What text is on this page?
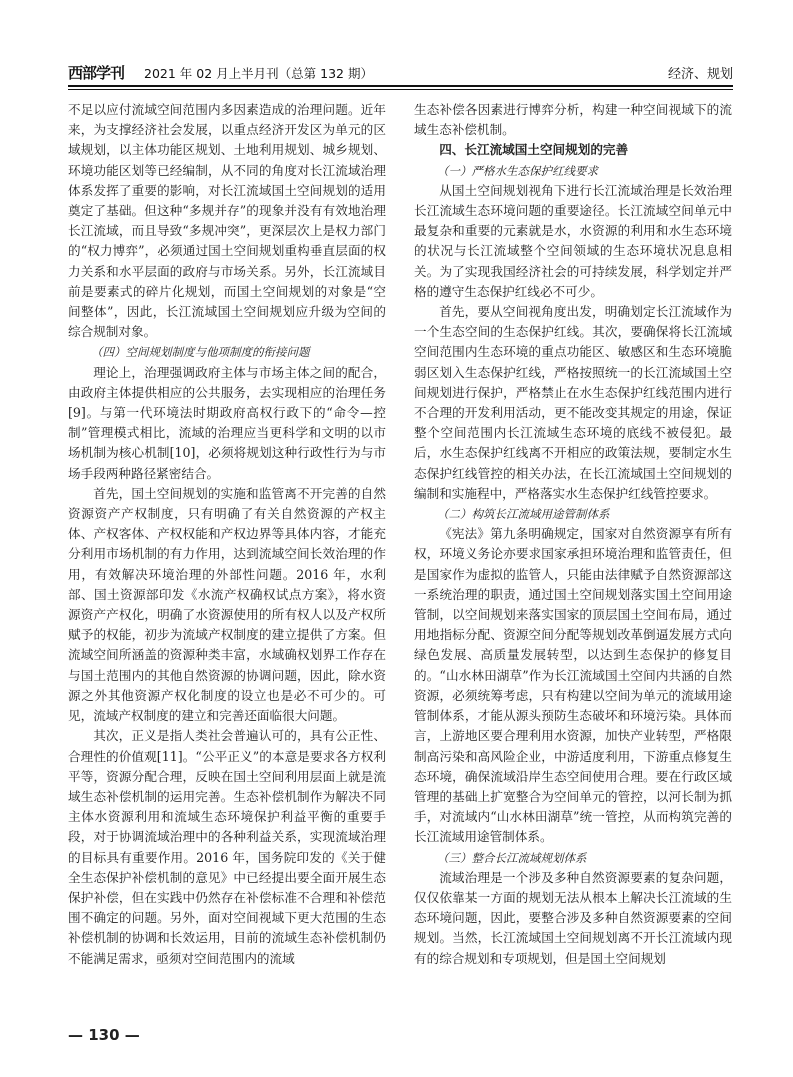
西部学刊 2021 年 02 月上半月刊（总第 132 期）	经济、规划

不足以应付流域空间范围内多因素造成的治理问题。近年来，为支撑经济社会发展，以重点经济开发区为单元的区域规划，以主体功能区规划、土地利用规划、城乡规划、环境功能区划等已经编制，从不同的角度对长江流域治理体系发挥了重要的影响，对长江流域国土空间规划的适用奠定了基础。但这种“多规并存”的现象并没有有效地治理长江流域，而且导致“多规冲突”，更深层次上是权力部门的“权力博弈”，必须通过国土空间规划重构垂直层面的权力关系和水平层面的政府与市场关系。另外，长江流域目前是要素式的碎片化规划，而国土空间规划的对象是“空间整体”，因此，长江流域国土空间规划应升级为空间的综合规制对象。

（四）空间规划制度与他项制度的衔接问题

理论上，治理强调政府主体与市场主体之间的配合，由政府主体提供相应的公共服务，去实现相应的治理任务[9]。与第一代环境法时期政府高权行政下的“命令—控制”管理模式相比，流域的治理应当更科学和文明的以市场机制为核心机制[10]，必须将规划这种行政性行为与市场手段两种路径紧密结合。

首先，国土空间规划的实施和监管离不开完善的自然资源资产产权制度，只有明确了有关自然资源的产权主体、产权客体、产权权能和产权边界等具体内容，才能充分利用市场机制的有力作用，达到流域空间长效治理的作用，有效解决环境治理的外部性问题。2016 年，水利部、国土资源部印发《水流产权确权试点方案》，将水资源资产产权化，明确了水资源使用的所有权人以及产权所赋予的权能，初步为流域产权制度的建立提供了方案。但流域空间所涵盖的资源种类丰富，水域确权划界工作存在与国土范围内的其他自然资源的协调问题，因此，除水资源之外其他资源产权化制度的设立也是必不可少的。可见，流域产权制度的建立和完善还面临很大问题。

其次，正义是指人类社会普遍认可的，具有公正性、合理性的价值观[11]。“公平正义”的本意是要求各方权利平等，资源分配合理，反映在国土空间利用层面上就是流域生态补偿机制的运用完善。生态补偿机制作为解决不同主体水资源利用和流域生态环境保护利益平衡的重要手段，对于协调流域治理中的各种利益关系，实现流域治理的目标具有重要作用。2016 年，国务院印发的《关于健全生态保护补偿机制的意见》中已经提出要全面开展生态保护补偿，但在实践中仍然存在补偿标准不合理和补偿范围不确定的问题。另外，面对空间视域下更大范围的生态补偿机制的协调和长效运用，目前的流域生态补偿机制仍不能满足需求，亟须对空间范围内的流域

生态补偿各因素进行博弈分析，构建一种空间视域下的流域生态补偿机制。

四、长江流域国土空间规划的完善
（一）严格水生态保护红线要求

从国土空间规划视角下进行长江流域治理是长效治理长江流域生态环境问题的重要途径。长江流域空间单元中最复杂和重要的元素就是水，水资源的利用和水生态环境的状况与长江流域整个空间领域的生态环境状况息息相关。为了实现我国经济社会的可持续发展，科学划定并严格的遵守生态保护红线必不可少。

首先，要从空间视角度出发，明确划定长江流域作为一个生态空间的生态保护红线。其次，要确保将长江流域空间范围内生态环境的重点功能区、敏感区和生态环境脆弱区划入生态保护红线，严格按照统一的长江流域国土空间规划进行保护，严格禁止在水生态保护红线范围内进行不合理的开发利用活动，更不能改变其规定的用途，保证整个空间范围内长江流域生态环境的底线不被侵犯。最后，水生态保护红线离不开相应的政策法规，要制定水生态保护红线管控的相关办法，在长江流域国土空间规划的编制和实施程中，严格落实水生态保护红线管控要求。

（二）构筑长江流域用途管制体系

《宪法》第九条明确规定，国家对自然资源享有所有权，环境义务论亦要求国家承担环境治理和监管责任，但是国家作为虚拟的监管人，只能由法律赋予自然资源部这一系统治理的职责，通过国土空间规划落实国土空间用途管制，以空间规划来落实国家的顶层国土空间布局，通过用地指标分配、资源空间分配等规划改革倒逼发展方式向绿色发展、高质量发展转型，以达到生态保护的修复目的。“山水林田湖草”作为长江流域国土空间内共涵的自然资源，必须统筹考虑，只有构建以空间为单元的流域用途管制体系，才能从源头预防生态破坏和环境污染。具体而言，上游地区要合理利用水资源，加快产业转型，严格限制高污染和高风险企业，中游适度利用，下游重点修复生态环境，确保流域沿岸生态空间使用合理。要在行政区域管理的基础上扩宽整合为空间单元的管控，以河长制为抓手，对流域内“山水林田湖草”统一管控，从而构筑完善的长江流域用途管制体系。

（三）整合长江流域规划体系

流域治理是一个涉及多种自然资源要素的复杂问题，仅仅依靠某一方面的规划无法从根本上解决长江流域的生态环境问题，因此，要整合涉及多种自然资源要素的空间规划。当然，长江流域国土空间规划离不开长江流域内现有的综合规划和专项规划，但是国土空间规划

— 130 —
